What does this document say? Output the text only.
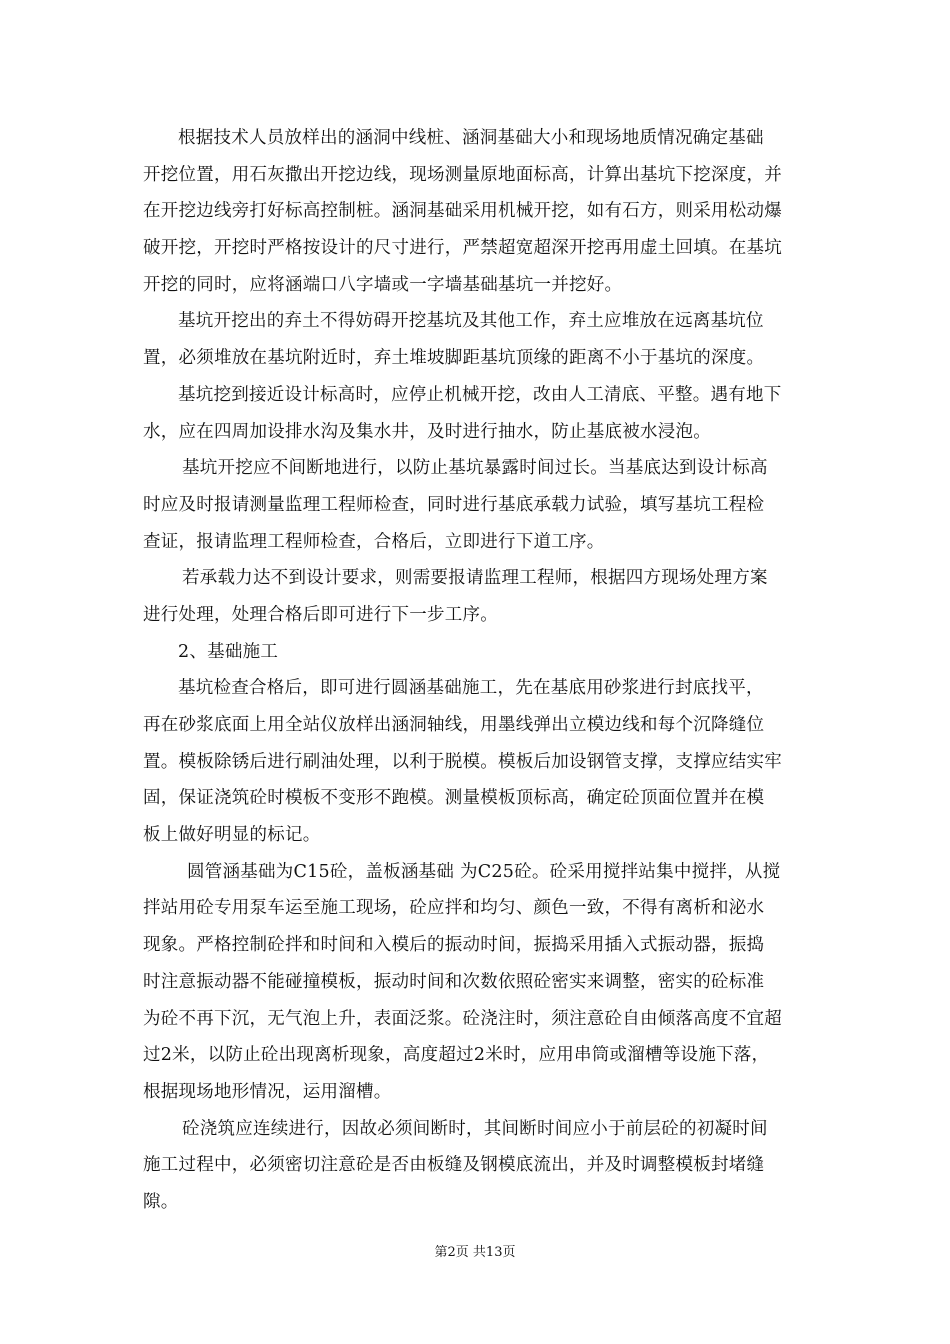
根据技术人员放样出的涵洞中线桩、涵洞基础大小和现场地质情况确定基础
开挖位置，用石灰撒出开挖边线，现场测量原地面标高，计算出基坑下挖深度，并
在开挖边线旁打好标高控制桩。涵洞基础采用机械开挖，如有石方，则采用松动爆
破开挖，开挖时严格按设计的尺寸进行，严禁超宽超深开挖再用虚土回填。在基坑
开挖的同时，应将涵端口八字墙或一字墙基础基坑一并挖好。
基坑开挖出的弃土不得妨碍开挖基坑及其他工作，弃土应堆放在远离基坑位
置，必须堆放在基坑附近时，弃土堆坡脚距基坑顶缘的距离不小于基坑的深度。
基坑挖到接近设计标高时，应停止机械开挖，改由人工清底、平整。遇有地下
水，应在四周加设排水沟及集水井，及时进行抽水，防止基底被水浸泡。
基坑开挖应不间断地进行，以防止基坑暴露时间过长。当基底达到设计标高
时应及时报请测量监理工程师检查，同时进行基底承载力试验，填写基坑工程检
查证，报请监理工程师检查，合格后，立即进行下道工序。
若承载力达不到设计要求，则需要报请监理工程师，根据四方现场处理方案
进行处理，处理合格后即可进行下一步工序。
2、基础施工
基坑检查合格后，即可进行圆涵基础施工，先在基底用砂浆进行封底找平，
再在砂浆底面上用全站仪放样出涵洞轴线，用墨线弹出立模边线和每个沉降缝位
置。模板除锈后进行刷油处理，以利于脱模。模板后加设钢管支撑，支撑应结实牢
固，保证浇筑砼时模板不变形不跑模。测量模板顶标高，确定砼顶面位置并在模
板上做好明显的标记。
圆管涵基础为C15砼，盖板涵基础 为C25砼。砼采用搅拌站集中搅拌，从搅
拌站用砼专用泵车运至施工现场，砼应拌和均匀、颜色一致，不得有离析和泌水
现象。严格控制砼拌和时间和入模后的振动时间，振捣采用插入式振动器，振捣
时注意振动器不能碰撞模板，振动时间和次数依照砼密实来调整，密实的砼标准
为砼不再下沉，无气泡上升，表面泛浆。砼浇注时，须注意砼自由倾落高度不宜超
过2米，以防止砼出现离析现象，高度超过2米时，应用串筒或溜槽等设施下落，
根据现场地形情况，运用溜槽。
砼浇筑应连续进行，因故必须间断时，其间断时间应小于前层砼的初凝时间
施工过程中，必须密切注意砼是否由板缝及钢模底流出，并及时调整模板封堵缝
隙。
第2页 共13页
